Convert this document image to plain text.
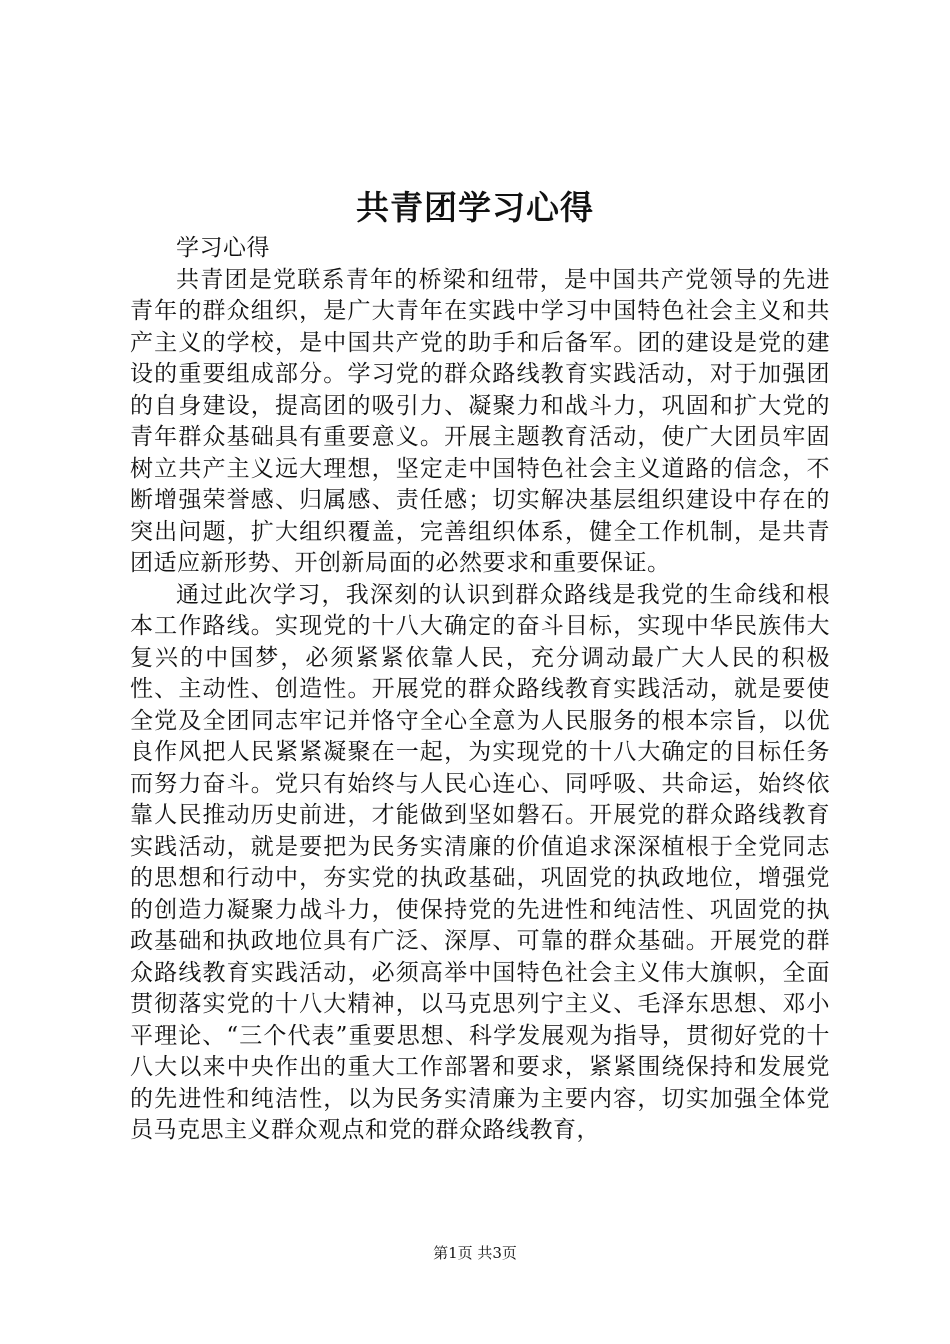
共青团学习心得

学习心得

共青团是党联系青年的桥梁和纽带，是中国共产党领导的先进青年的群众组织，是广大青年在实践中学习中国特色社会主义和共产主义的学校，是中国共产党的助手和后备军。团的建设是党的建设的重要组成部分。学习党的群众路线教育实践活动，对于加强团的自身建设，提高团的吸引力、凝聚力和战斗力，巩固和扩大党的青年群众基础具有重要意义。开展主题教育活动，使广大团员牢固树立共产主义远大理想，坚定走中国特色社会主义道路的信念，不断增强荣誉感、归属感、责任感；切实解决基层组织建设中存在的突出问题，扩大组织覆盖，完善组织体系，健全工作机制，是共青团适应新形势、开创新局面的必然要求和重要保证。

通过此次学习，我深刻的认识到群众路线是我党的生命线和根本工作路线。实现党的十八大确定的奋斗目标，实现中华民族伟大复兴的中国梦，必须紧紧依靠人民，充分调动最广大人民的积极性、主动性、创造性。开展党的群众路线教育实践活动，就是要使全党及全团同志牢记并恪守全心全意为人民服务的根本宗旨，以优良作风把人民紧紧凝聚在一起，为实现党的十八大确定的目标任务而努力奋斗。党只有始终与人民心连心、同呼吸、共命运，始终依靠人民推动历史前进，才能做到坚如磐石。开展党的群众路线教育实践活动，就是要把为民务实清廉的价值追求深深植根于全党同志的思想和行动中，夯实党的执政基础，巩固党的执政地位，增强党的创造力凝聚力战斗力，使保持党的先进性和纯洁性、巩固党的执政基础和执政地位具有广泛、深厚、可靠的群众基础。开展党的群众路线教育实践活动，必须高举中国特色社会主义伟大旗帜，全面贯彻落实党的十八大精神，以马克思列宁主义、毛泽东思想、邓小平理论、“三个代表”重要思想、科学发展观为指导，贯彻好党的十八大以来中央作出的重大工作部署和要求，紧紧围绕保持和发展党的先进性和纯洁性，以为民务实清廉为主要内容，切实加强全体党员马克思主义群众观点和党的群众路线教育，

第1页 共3页
